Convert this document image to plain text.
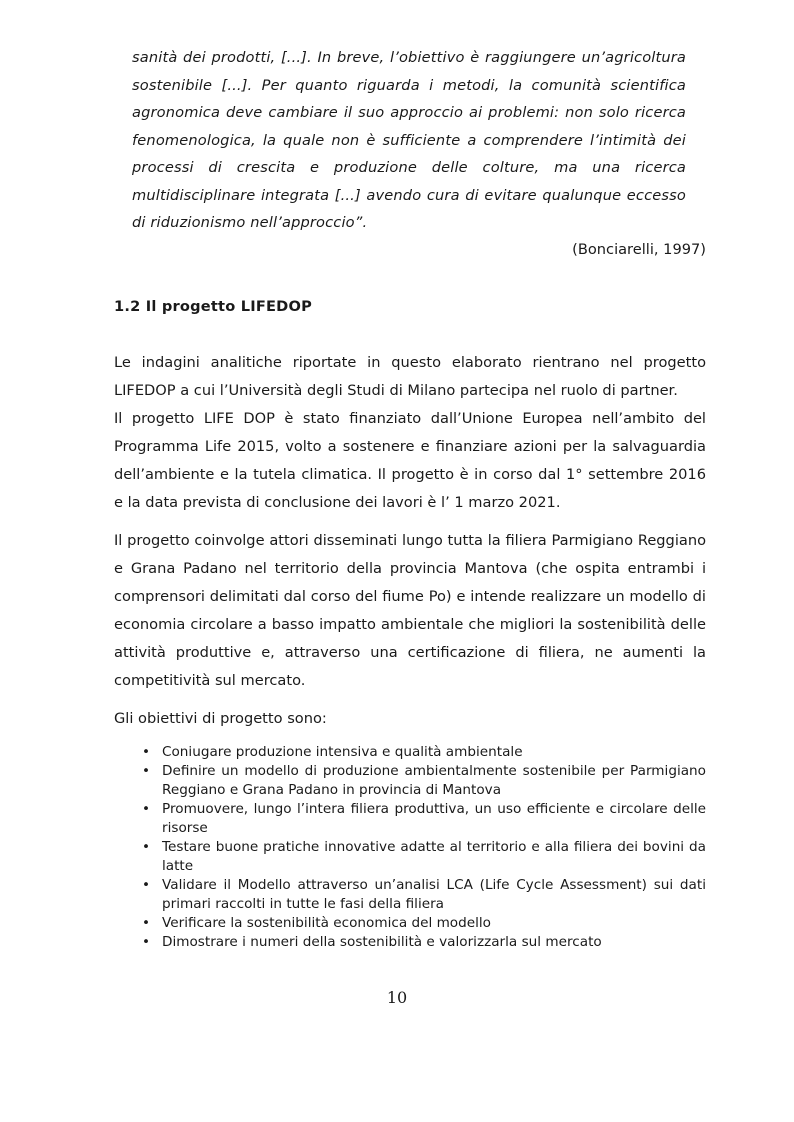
sanità dei prodotti, [...]. In breve, l’obiettivo è raggiungere un’agricoltura sostenibile [...]. Per quanto riguarda i metodi, la comunità scientifica agronomica deve cambiare il suo approccio ai problemi: non solo ricerca fenomenologica, la quale non è sufficiente a comprendere l’intimità dei processi di crescita e produzione delle colture, ma una ricerca multidisciplinare integrata [...] avendo cura di evitare qualunque eccesso di riduzionismo nell’approccio”.

(Bonciarelli, 1997)
1.2 Il progetto LIFEDOP

Le indagini analitiche riportate in questo elaborato rientrano nel progetto LIFEDOP a cui l’Università degli Studi di Milano partecipa nel ruolo di partner.

Il progetto LIFE DOP è stato finanziato dall’Unione Europea nell’ambito del Programma Life 2015, volto a sostenere e finanziare azioni per la salvaguardia dell’ambiente e la tutela climatica. Il progetto è in corso dal 1° settembre 2016 e la data prevista di conclusione dei lavori è l’ 1 marzo 2021.

Il progetto coinvolge attori disseminati lungo tutta la filiera Parmigiano Reggiano e Grana Padano nel territorio della provincia Mantova (che ospita entrambi i comprensori delimitati dal corso del fiume Po) e intende realizzare un modello di economia circolare a basso impatto ambientale che migliori la sostenibilità delle attività produttive e, attraverso una certificazione di filiera, ne aumenti la competitività sul mercato.

Gli obiettivi di progetto sono:

• Coniugare produzione intensiva e qualità ambientale
• Definire un modello di produzione ambientalmente sostenibile per Parmigiano Reggiano e Grana Padano in provincia di Mantova
• Promuovere, lungo l’intera filiera produttiva, un uso efficiente e circolare delle risorse
• Testare buone pratiche innovative adatte al territorio e alla filiera dei bovini da latte
• Validare il Modello attraverso un’analisi LCA (Life Cycle Assessment) sui dati primari raccolti in tutte le fasi della filiera
• Verificare la sostenibilità economica del modello
• Dimostrare i numeri della sostenibilità e valorizzarla sul mercato
10
